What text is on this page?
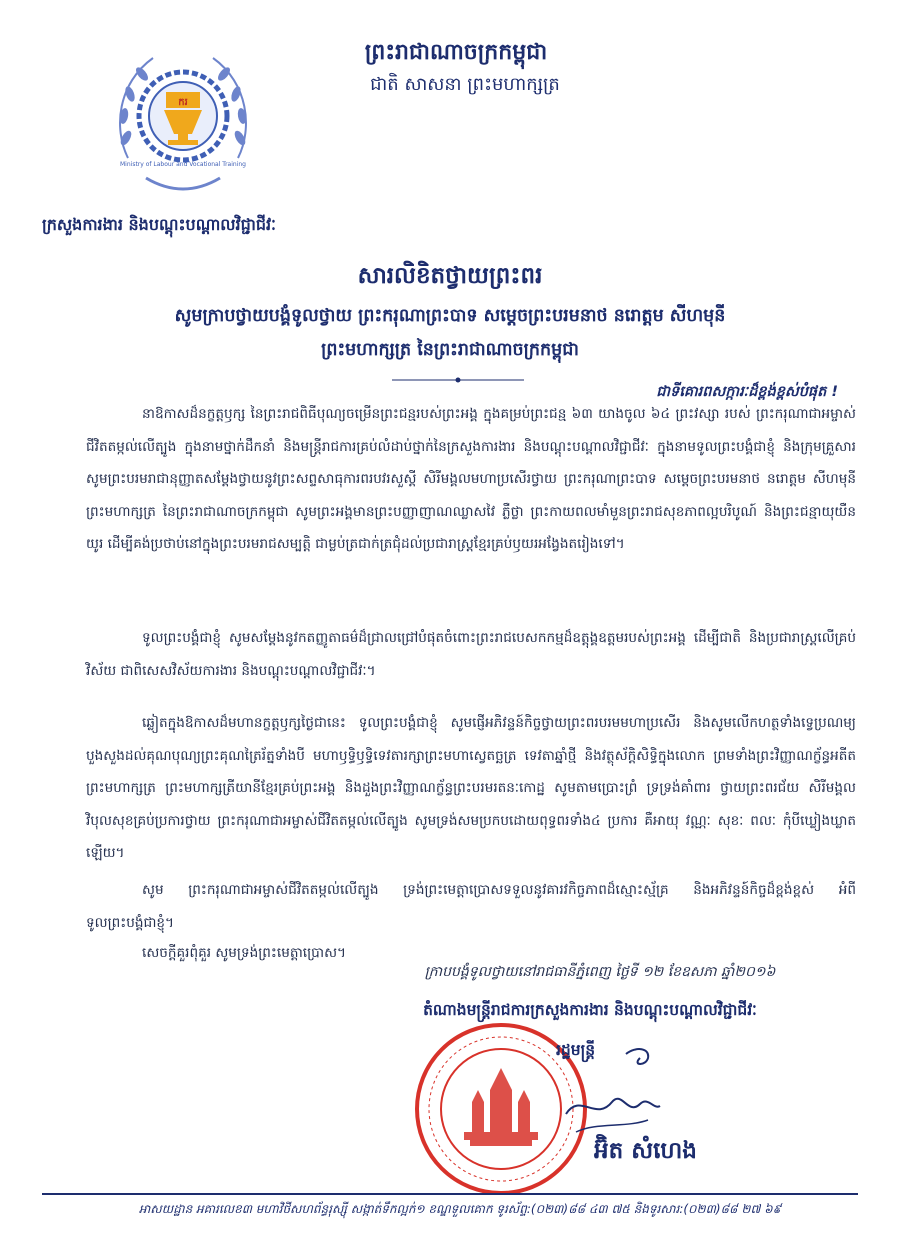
ករ
Ministry of Labour and Vocational Training
ព្រះរាជាណាចក្រកម្ពុជា
ជាតិ សាសនា ព្រះមហាក្សត្រ
ក្រសួងការងារ និងបណ្តុះបណ្តាលវិជ្ជាជីវៈ
សារលិខិតថ្វាយព្រះពរ
សូមក្រាបថ្វាយបង្គំទូលថ្វាយ ព្រះករុណាព្រះបាទ សម្តេចព្រះបរមនាថ នរោត្តម សីហមុនី
ព្រះមហាក្សត្រ នៃព្រះរាជាណាចក្រកម្ពុជា
ជាទីគោរពសក្ការៈដ៏ខ្ពង់ខ្ពស់បំផុត !
នាឱកាសដ៏នក្ខត្តឫក្ស នៃព្រះរាជពិធីបុណ្យចម្រើនព្រះជន្មរបស់ព្រះអង្គ ក្នុងគម្រប់ព្រះជន្ម ៦៣ យាងចូល ៦៤ ព្រះវស្សា របស់ ព្រះករុណាជាអម្ចាស់ជីវិតតម្កល់លើត្បូង ក្នុងនាមថ្នាក់ដឹកនាំ និងមន្ត្រីរាជការគ្រប់លំដាប់ថ្នាក់នៃក្រសួងការងារ និងបណ្តុះបណ្តាលវិជ្ជាជីវៈ ក្នុងនាមទូលព្រះបង្គំជាខ្ញុំ និងក្រុមគ្រួសារ សូមព្រះបរមរាជានុញ្ញាតសម្តែងថ្វាយនូវព្រះសព្ទសាធុការពរបវរសួស្តី សិរីមង្គលមហាប្រសើរថ្វាយ ព្រះករុណាព្រះបាទ សម្តេចព្រះបរមនាថ នរោត្តម សីហមុនី ព្រះមហាក្សត្រ នៃព្រះរាជាណាចក្រកម្ពុជា សូមព្រះអង្គមានព្រះបញ្ញាញាណឈ្លាសវៃ ភ្លឺថ្លា ព្រះកាយពលមាំមួនព្រះរាជសុខភាពល្អបរិបូណ៍ និងព្រះជន្មាយុយឺនយូរ ដើម្បីគង់ប្រថាប់នៅក្នុងព្រះបរមរាជសម្បត្តិ ជាម្លប់ត្រជាក់ត្រជុំដល់ប្រជារាស្ត្រខ្មែរគ្រប់ឫយរអង្វែងតរៀងទៅ។
ទូលព្រះបង្គំជាខ្ញុំ សូមសម្តែងនូវកតញ្ញូតាធម៌ដ៏ជ្រាលជ្រៅបំផុតចំពោះព្រះរាជបេសកកម្មដ៏ឧត្តុង្គឧត្តមរបស់ព្រះអង្គ ដើម្បីជាតិ និងប្រជារាស្ត្រលើគ្រប់វិស័យ ជាពិសេសវិស័យការងារ និងបណ្តុះបណ្តាលវិជ្ជាជីវៈ។
ឆ្លៀតក្នុងឱកាសដ៏មហានក្ខត្តឫក្សថ្ងៃជានេះ ទូលព្រះបង្គំជាខ្ញុំ សូមផ្ញើអភិវន្ទន៍កិច្ចថ្វាយព្រះពរបរមមហាប្រសើរ និងសូមលើកហត្ថទាំងទ្វេប្រណម្យបួងសួងដល់គុណបុណ្យព្រះគុណត្រៃរ័ត្នទាំងបី មហាឫទ្ធិឫទ្ធិទេវតារក្សាព្រះមហាស្វេតច្ឆត្រ ទេវតាឆ្នាំថ្មី និងវត្ថុស័ក្តិសិទ្ធិក្នុងលោក ព្រមទាំងព្រះវិញ្ញាណក្ខ័ន្ធអតីតព្រះមហាក្សត្រ ព្រះមហាក្សត្រីយានីខ្មែរគ្រប់ព្រះអង្គ និងដួងព្រះវិញ្ញាណក្ខ័ន្ធព្រះបរមរតនៈកោដ្ឋ សូមតាមប្រោះព្រំ ទ្រទ្រង់គាំពារ ថ្វាយព្រះពរជ័យ សិរីមង្គល វិបុលសុខគ្រប់ប្រការថ្វាយ ព្រះករុណាជាអម្ចាស់ជីវិតតម្កល់លើត្បូង សូមទ្រង់សមប្រកបដោយពុទ្ធពរទាំង៤ ប្រការ គឺអាយុ វណ្ណៈ សុខៈ ពលៈ កុំបីឃ្លៀងឃ្លាតឡើយ។
សូម ព្រះករុណាជាអម្ចាស់ជីវិតតម្កល់លើត្បូង ទ្រង់ព្រះមេត្តាប្រោសទទួលនូវគារវកិច្ចភាពដ៏ស្មោះស្ម័គ្រ និងអភិវន្ទន៍កិច្ចដ៏ខ្ពង់ខ្ពស់ អំពីទូលព្រះបង្គំជាខ្ញុំ។
សេចក្តីគួរពុំគួរ សូមទ្រង់ព្រះមេត្តាប្រោស។
ក្រាបបង្គំទូលថ្វាយនៅរាជធានីភ្នំពេញ ថ្ងៃទី ១២ ខែឧសភា ឆ្នាំ២០១៦
តំណាងមន្ត្រីរាជការក្រសួងការងារ និងបណ្តុះបណ្តាលវិជ្ជាជីវៈ
រដ្ឋមន្ត្រី
អ៊ិត សំហេង
អាសយដ្ឋាន អគារលេខ៣ មហាវិថីសហព័ន្ធរុស្ស៊ី សង្កាត់ទឹកល្អក់១ ខណ្ឌទួលគោក ទូរស័ព្ទ:(០២៣)៨៨ ៤៣ ៧៥ និងទូរសារ:(០២៣)៨៨ ២៧ ៦៩
